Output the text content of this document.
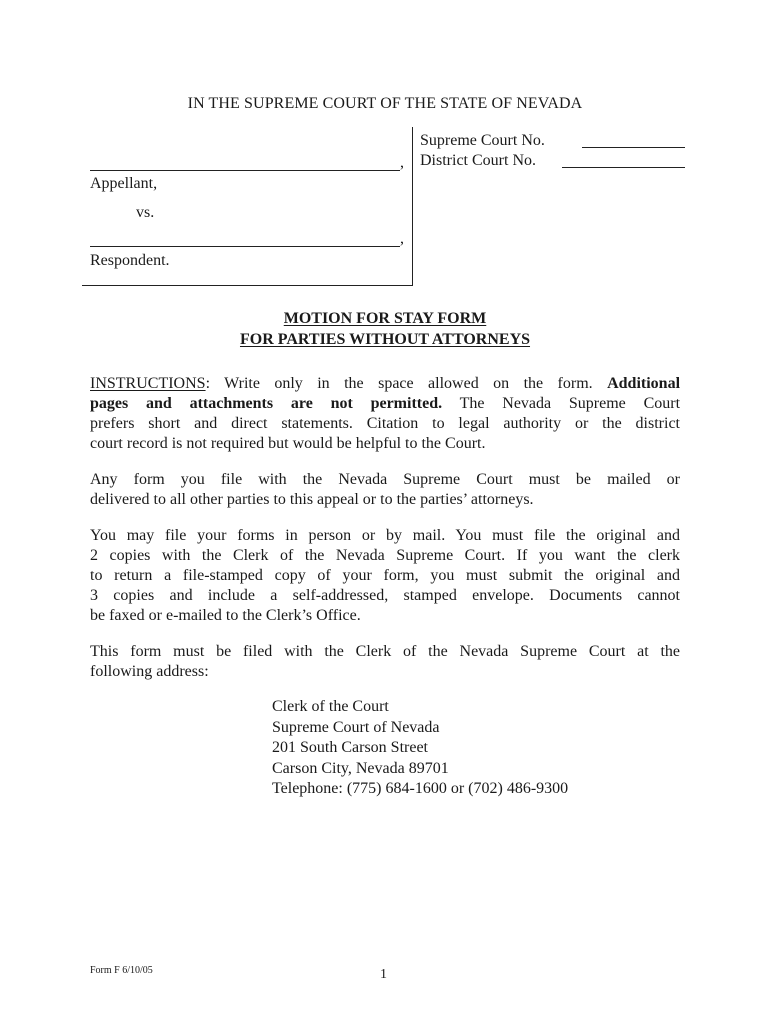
IN THE SUPREME COURT OF THE STATE OF NEVADA
,
Appellant,
vs.
,
Respondent.
Supreme Court No.
District Court No.
MOTION FOR STAY FORM
FOR PARTIES WITHOUT ATTORNEYS
INSTRUCTIONS: Write only in the space allowed on the form. Additional
pages and attachments are not permitted. The Nevada Supreme Court
prefers short and direct statements. Citation to legal authority or the district
court record is not required but would be helpful to the Court.
Any form you file with the Nevada Supreme Court must be mailed or
delivered to all other parties to this appeal or to the parties’ attorneys.
You may file your forms in person or by mail. You must file the original and
2 copies with the Clerk of the Nevada Supreme Court. If you want the clerk
to return a file-stamped copy of your form, you must submit the original and
3 copies and include a self-addressed, stamped envelope. Documents cannot
be faxed or e-mailed to the Clerk’s Office.
This form must be filed with the Clerk of the Nevada Supreme Court at the
following address:
Clerk of the Court
Supreme Court of Nevada
201 South Carson Street
Carson City, Nevada 89701
Telephone: (775) 684-1600 or (702) 486-9300
Form F 6/10/05	1
